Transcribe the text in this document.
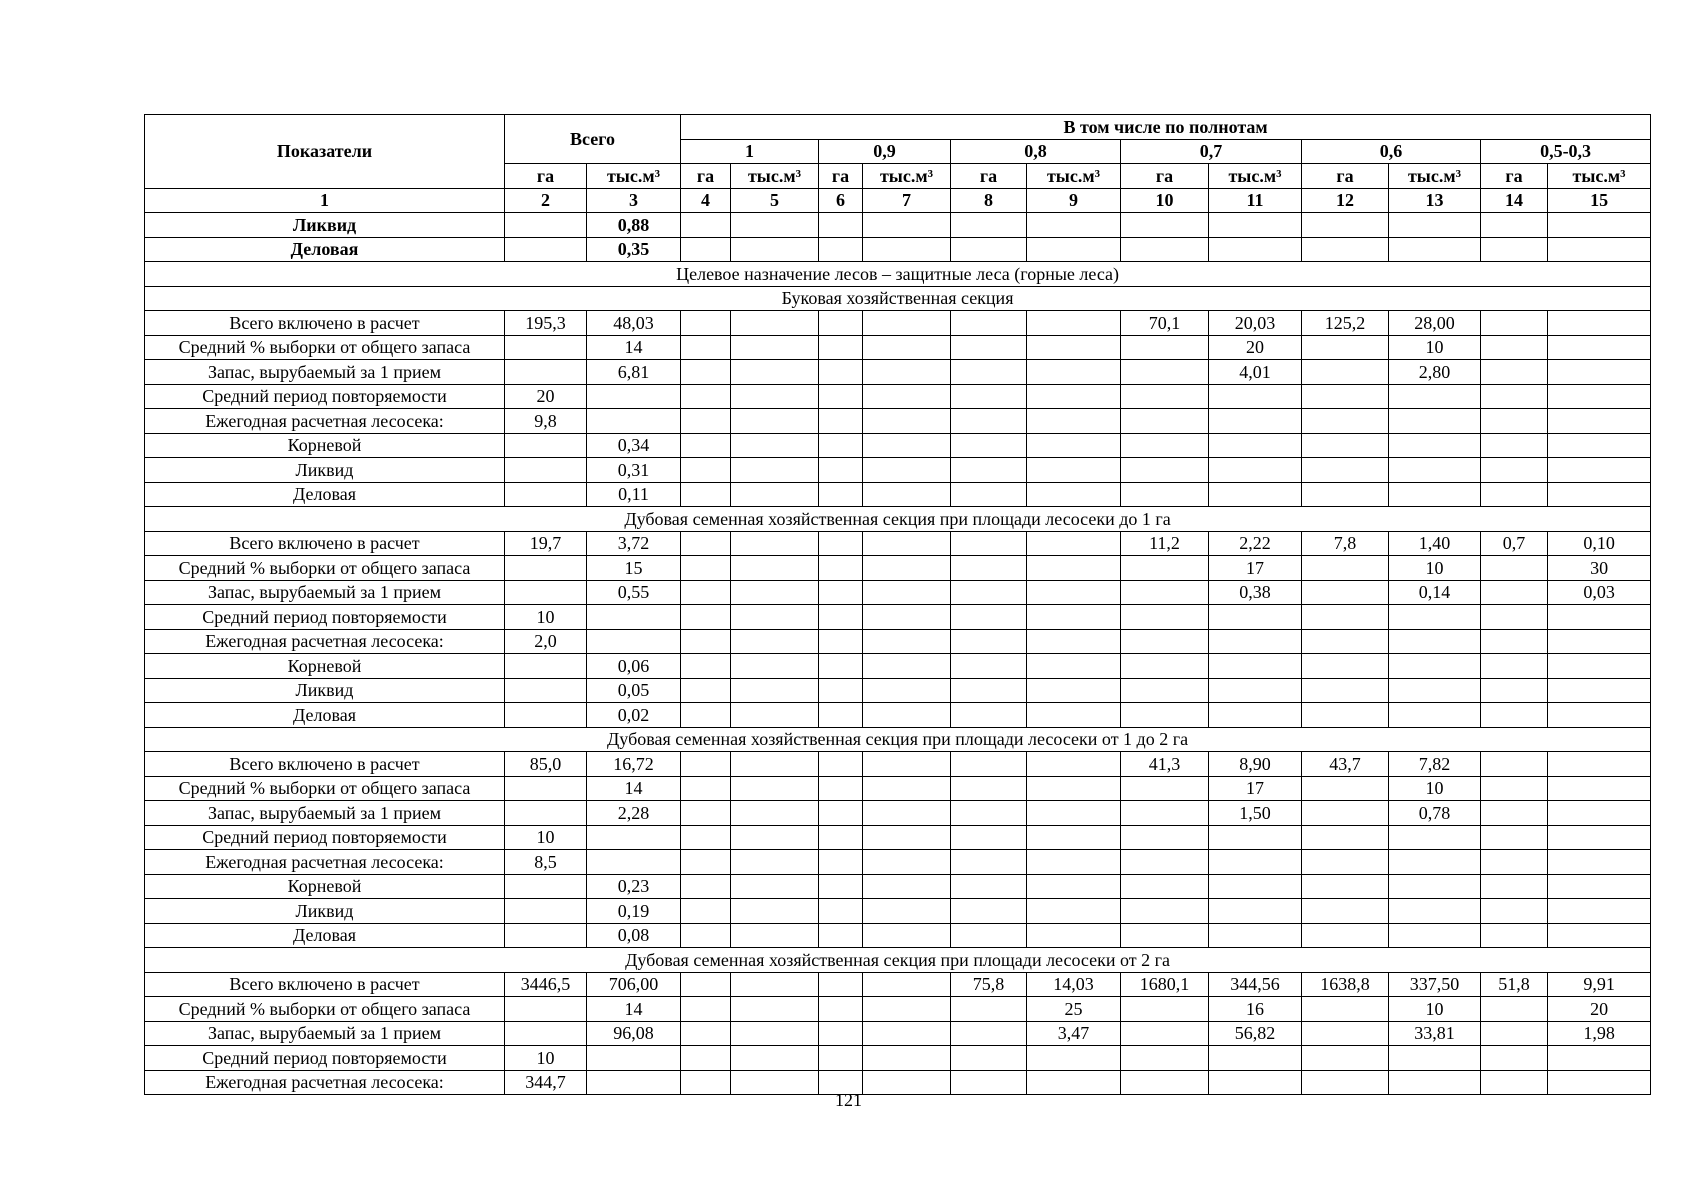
Показатели	Всего		В том числе по полнотам											
			1		0,9		0,8		0,7		0,6		0,5-0,3	
	га	тыс.м³	га	тыс.м³	га	тыс.м³	га	тыс.м³	га	тыс.м³	га	тыс.м³	га	тыс.м³
1	2	3	4	5	6	7	8	9	10	11	12	13	14	15
Ликвид		0,88												
Деловая		0,35												
Целевое назначение лесов – защитные леса (горные леса)														
Буковая хозяйственная секция														
Всего включено в расчет	195,3	48,03							70,1	20,03	125,2	28,00		
Средний % выборки от общего запаса		14								20		10		
Запас, вырубаемый за 1 прием		6,81								4,01		2,80		
Средний период повторяемости	20													
Ежегодная расчетная лесосека:	9,8													
Корневой		0,34												
Ликвид		0,31												
Деловая		0,11												
Дубовая семенная хозяйственная секция при площади лесосеки до 1 га														
Всего включено в расчет	19,7	3,72							11,2	2,22	7,8	1,40	0,7	0,10
Средний % выборки от общего запаса		15								17		10		30
Запас, вырубаемый за 1 прием		0,55								0,38		0,14		0,03
Средний период повторяемости	10													
Ежегодная расчетная лесосека:	2,0													
Корневой		0,06												
Ликвид		0,05												
Деловая		0,02												
Дубовая семенная хозяйственная секция при площади лесосеки от 1 до 2 га														
Всего включено в расчет	85,0	16,72							41,3	8,90	43,7	7,82		
Средний % выборки от общего запаса		14								17		10		
Запас, вырубаемый за 1 прием		2,28								1,50		0,78		
Средний период повторяемости	10													
Ежегодная расчетная лесосека:	8,5													
Корневой		0,23												
Ликвид		0,19												
Деловая		0,08												
Дубовая семенная хозяйственная секция при площади лесосеки от 2 га														
Всего включено в расчет	3446,5	706,00					75,8	14,03	1680,1	344,56	1638,8	337,50	51,8	9,91
Средний % выборки от общего запаса		14						25		16		10		20
Запас, вырубаемый за 1 прием		96,08						3,47		56,82		33,81		1,98
Средний период повторяемости	10													
Ежегодная расчетная лесосека:	344,7													
121
